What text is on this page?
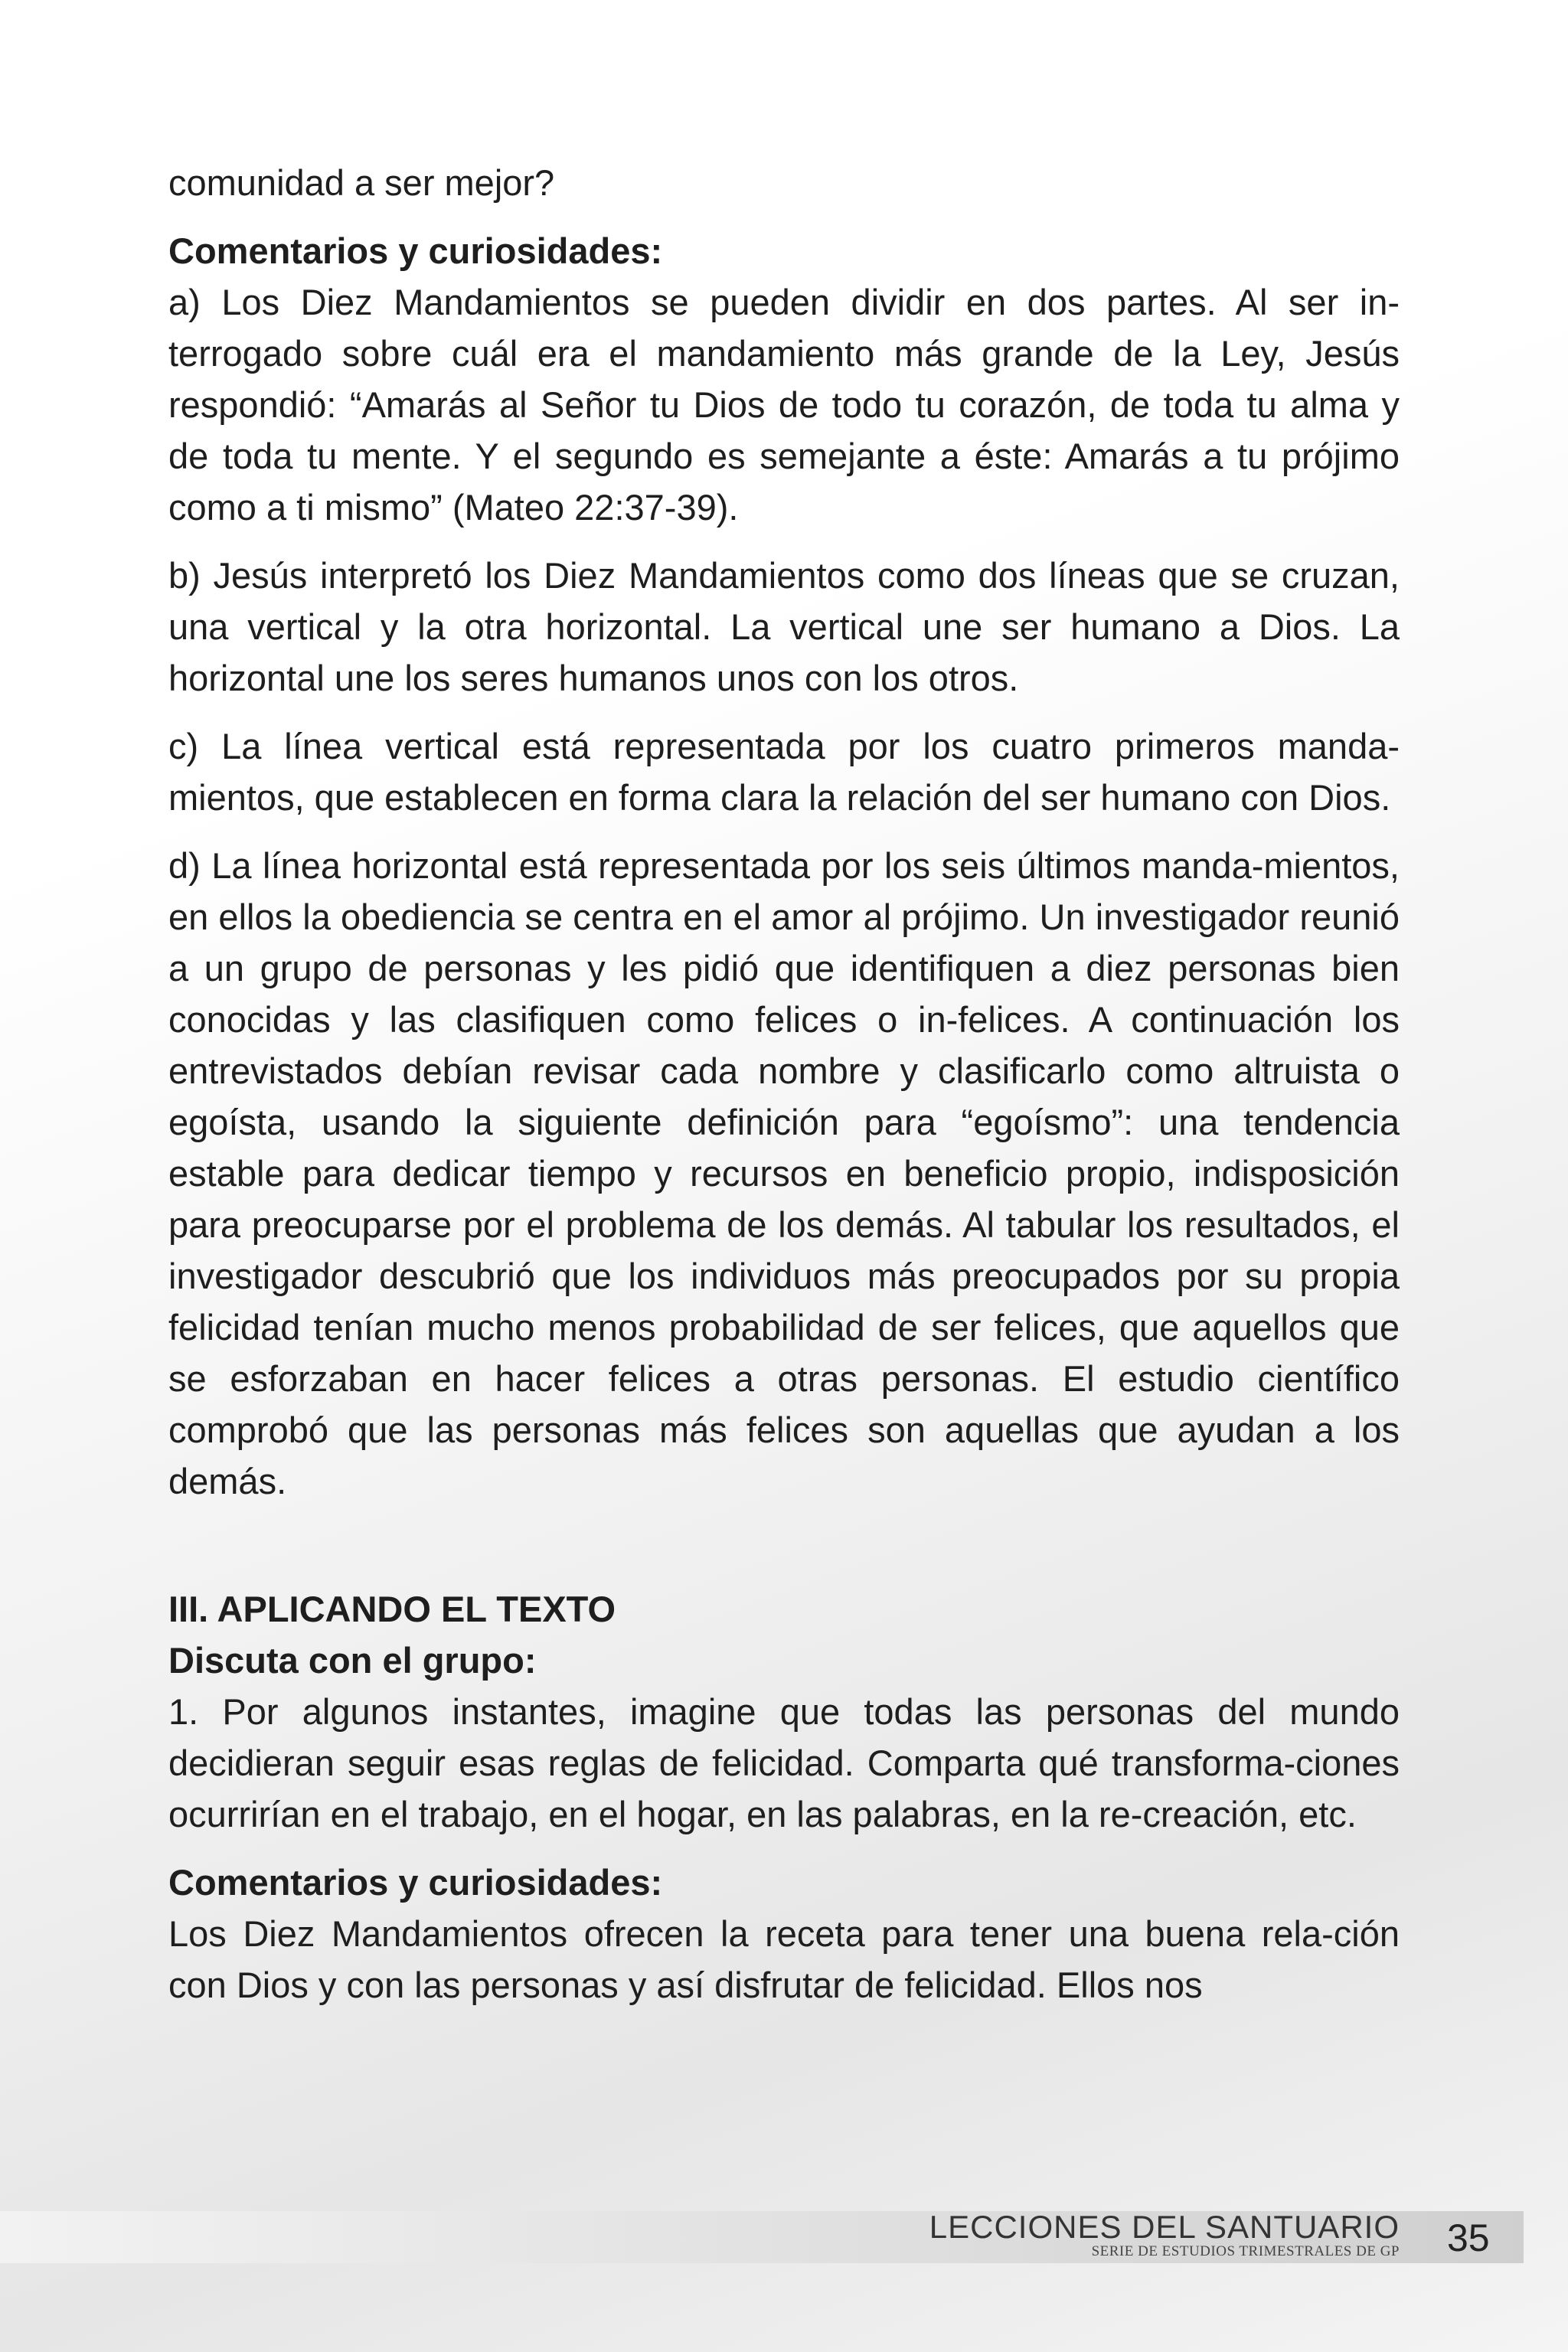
comunidad a ser mejor?

Comentarios y curiosidades:

a) Los Diez Mandamientos se pueden dividir en dos partes. Al ser in-terrogado sobre cuál era el mandamiento más grande de la Ley, Jesús respondió: “Amarás al Señor tu Dios de todo tu corazón, de toda tu alma y de toda tu mente. Y el segundo es semejante a éste: Amarás a tu prójimo como a ti mismo” (Mateo 22:37-39).

b) Jesús interpretó los Diez Mandamientos como dos líneas que se cruzan, una vertical y la otra horizontal. La vertical une ser humano a Dios. La horizontal une los seres humanos unos con los otros.

c) La línea vertical está representada por los cuatro primeros manda-mientos, que establecen en forma clara la relación del ser humano con Dios.

d) La línea horizontal está representada por los seis últimos manda-mientos, en ellos la obediencia se centra en el amor al prójimo. Un investigador reunió a un grupo de personas y les pidió que identifiquen a diez personas bien conocidas y las clasifiquen como felices o in-felices. A continuación los entrevistados debían revisar cada nombre y clasificarlo como altruista o egoísta, usando la siguiente definición para “egoísmo”: una tendencia estable para dedicar tiempo y recursos en beneficio propio, indisposición para preocuparse por el problema de los demás. Al tabular los resultados, el investigador descubrió que los individuos más preocupados por su propia felicidad tenían mucho menos probabilidad de ser felices, que aquellos que se esforzaban en hacer felices a otras personas. El estudio científico comprobó que las personas más felices son aquellas que ayudan a los demás.

III. APLICANDO EL TEXTO

Discuta con el grupo:

1. Por algunos instantes, imagine que todas las personas del mundo decidieran seguir esas reglas de felicidad. Comparta qué transforma-ciones ocurrirían en el trabajo, en el hogar, en las palabras, en la re-creación, etc.

Comentarios y curiosidades:

Los Diez Mandamientos ofrecen la receta para tener una buena rela-ción con Dios y con las personas y así disfrutar de felicidad. Ellos nos

LECCIONES DEL SANTUARIO
SERIE DE ESTUDIOS TRIMESTRALES DE GP 35
